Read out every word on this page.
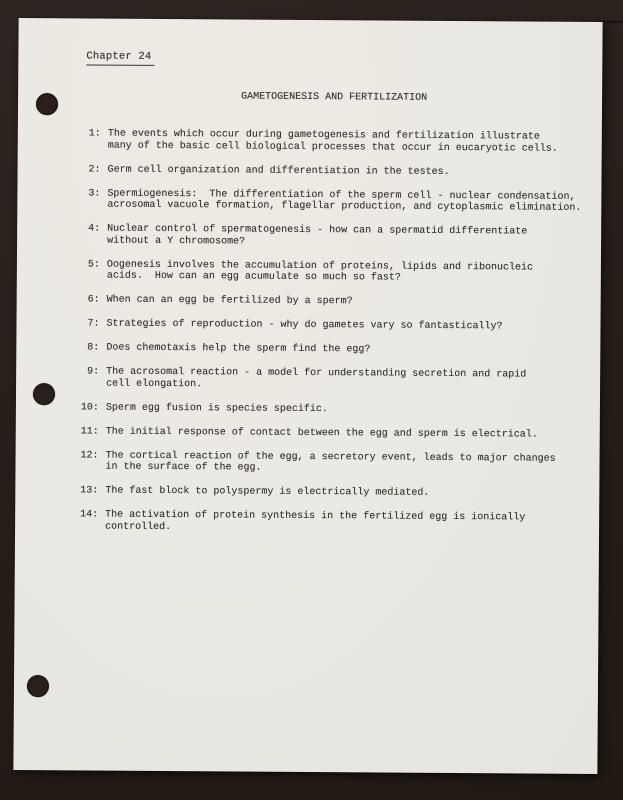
Chapter 24
GAMETOGENESIS AND FERTILIZATION
1: The events which occur during gametogenesis and fertilization illustrate
many of the basic cell biological processes that occur in eucaryotic cells.
2: Germ cell organization and differentiation in the testes.
3: Spermiogenesis:  The differentiation of the sperm cell - nuclear condensation,
acrosomal vacuole formation, flagellar production, and cytoplasmic elimination.
4: Nuclear control of spermatogenesis - how can a spermatid differentiate
without a Y chromosome?
5: Oogenesis involves the accumulation of proteins, lipids and ribonucleic
acids.  How can an egg acumulate so much so fast?
6: When can an egg be fertilized by a sperm?
7: Strategies of reproduction - why do gametes vary so fantastically?
8: Does chemotaxis help the sperm find the egg?
9: The acrosomal reaction - a model for understanding secretion and rapid
cell elongation.
10: Sperm egg fusion is species specific.
11: The initial response of contact between the egg and sperm is electrical.
12: The cortical reaction of the egg, a secretory event, leads to major changes
in the surface of the egg.
13: The fast block to polyspermy is electrically mediated.
14: The activation of protein synthesis in the fertilized egg is ionically
controlled.
